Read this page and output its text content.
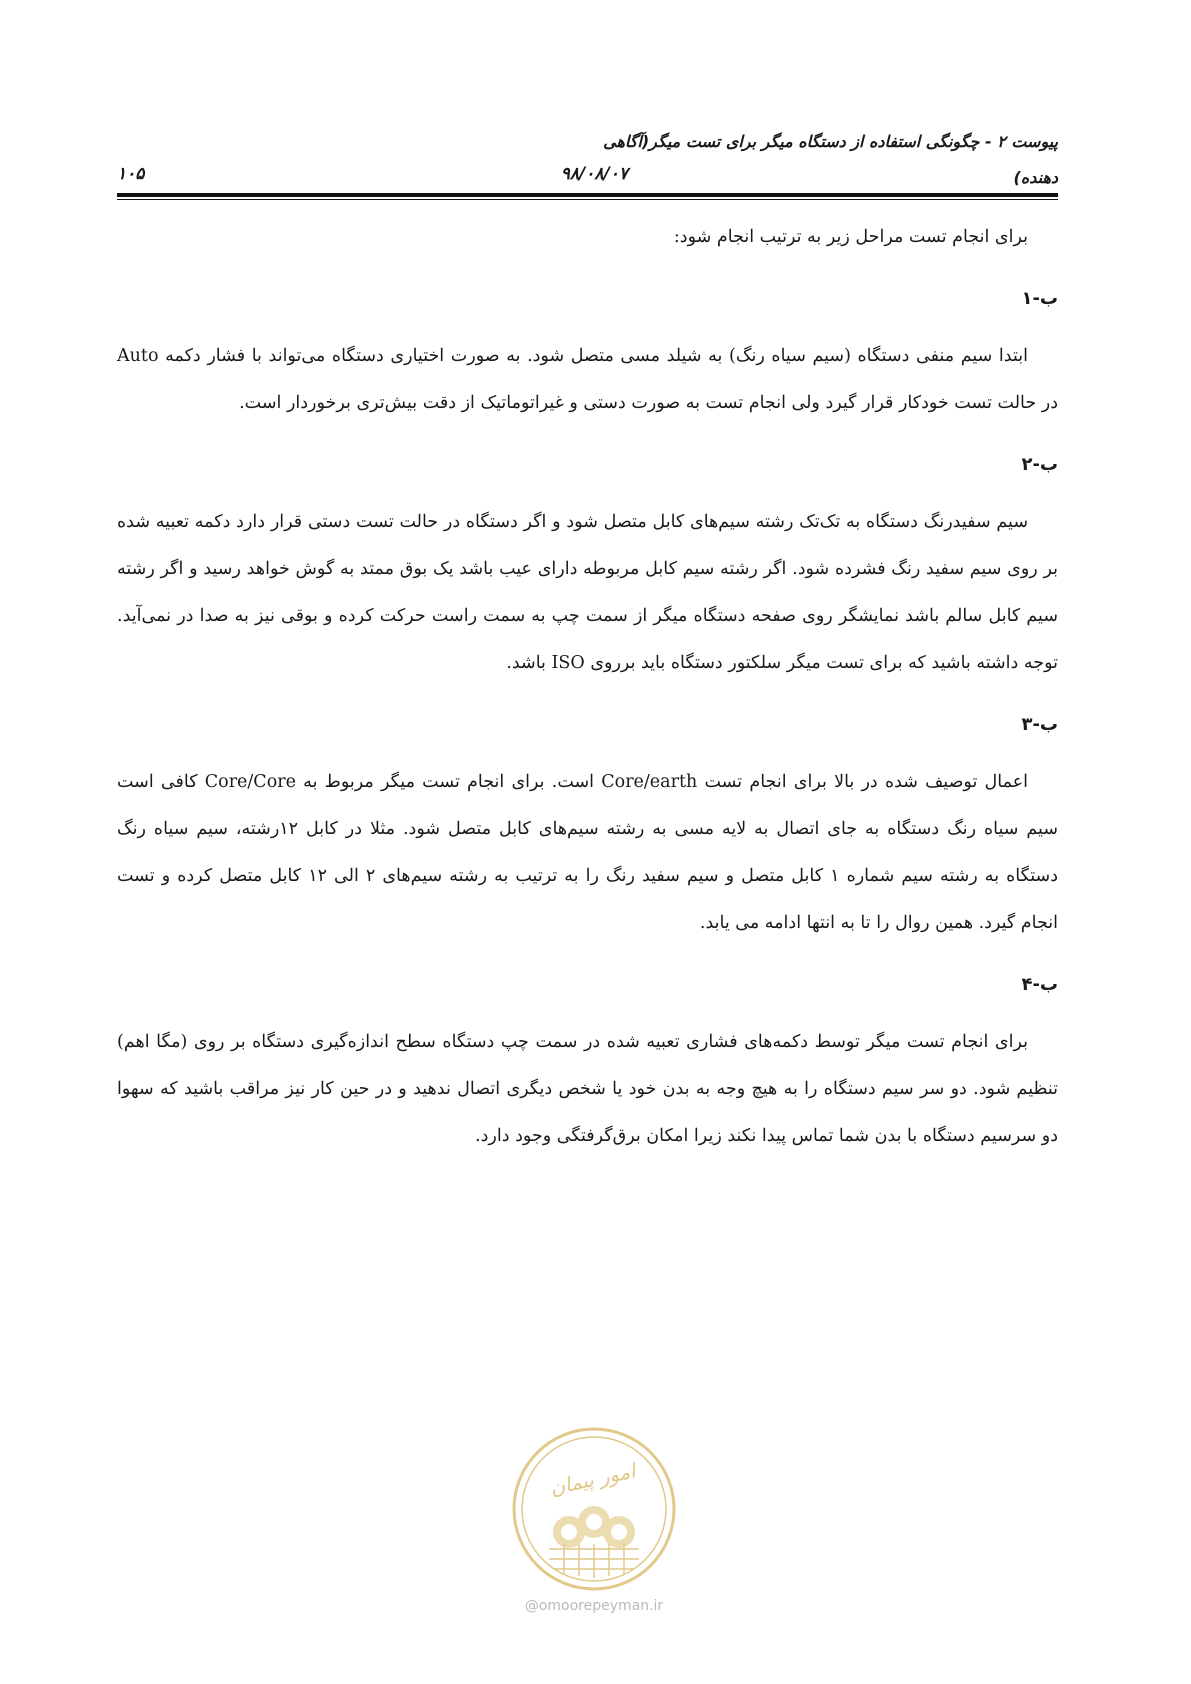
پیوست ۲ - چگونگی استفاده از دستگاه میگر برای تست میگر(آگاهی
دهنده)
۹۸/۰۸/۰۷
۱۰۵

برای انجام تست مراحل زیر به ترتیب انجام شود:

ب-۱

ابتدا سیم منفی دستگاه (سیم سیاه رنگ) به شیلد مسی متصل شود. به صورت اختیاری دستگاه می‌تواند با فشار دکمه Auto در حالت تست خودکار قرار گیرد ولی انجام تست به صورت دستی و غیراتوماتیک از دقت بیش‌تری برخوردار است.

ب-۲

سیم سفیدرنگ دستگاه به تک‌تک رشته سیم‌های کابل متصل شود و اگر دستگاه در حالت تست دستی قرار دارد دکمه تعبیه شده بر روی سیم سفید رنگ فشرده شود. اگر رشته سیم کابل مربوطه دارای عیب باشد یک بوق ممتد به گوش خواهد رسید و اگر رشته سیم کابل سالم باشد نمایشگر روی صفحه دستگاه میگر از سمت چپ به سمت راست حرکت کرده و بوقی نیز به صدا در نمی‌آید. توجه داشته باشید که برای تست میگر سلکتور دستگاه باید برروی ISO باشد.

ب-۳

اعمال توصیف شده در بالا برای انجام تست Core/earth است. برای انجام تست میگر مربوط به Core/Core کافی است سیم سیاه رنگ دستگاه به جای اتصال به لایه مسی به رشته سیم‌های کابل متصل شود. مثلا در کابل ۱۲رشته، سیم سیاه رنگ دستگاه به رشته سیم شماره ۱ کابل متصل و سیم سفید رنگ را به ترتیب به رشته سیم‌های ۲ الی ۱۲ کابل متصل کرده و تست انجام گیرد. همین روال را تا به انتها ادامه می یابد.

ب-۴

برای انجام تست میگر توسط دکمه‌های فشاری تعبیه شده در سمت چپ دستگاه سطح اندازه‌گیری دستگاه بر روی (مگا اهم) تنظیم شود. دو سر سیم دستگاه را به هیچ وجه به بدن خود یا شخص دیگری اتصال ندهید و در حین کار نیز مراقب باشید که سهوا دو سرسیم دستگاه با بدن شما تماس پیدا نکند زیرا امکان برق‌گرفتگی وجود دارد.

امور پیمان
@omoorepeyman.ir
